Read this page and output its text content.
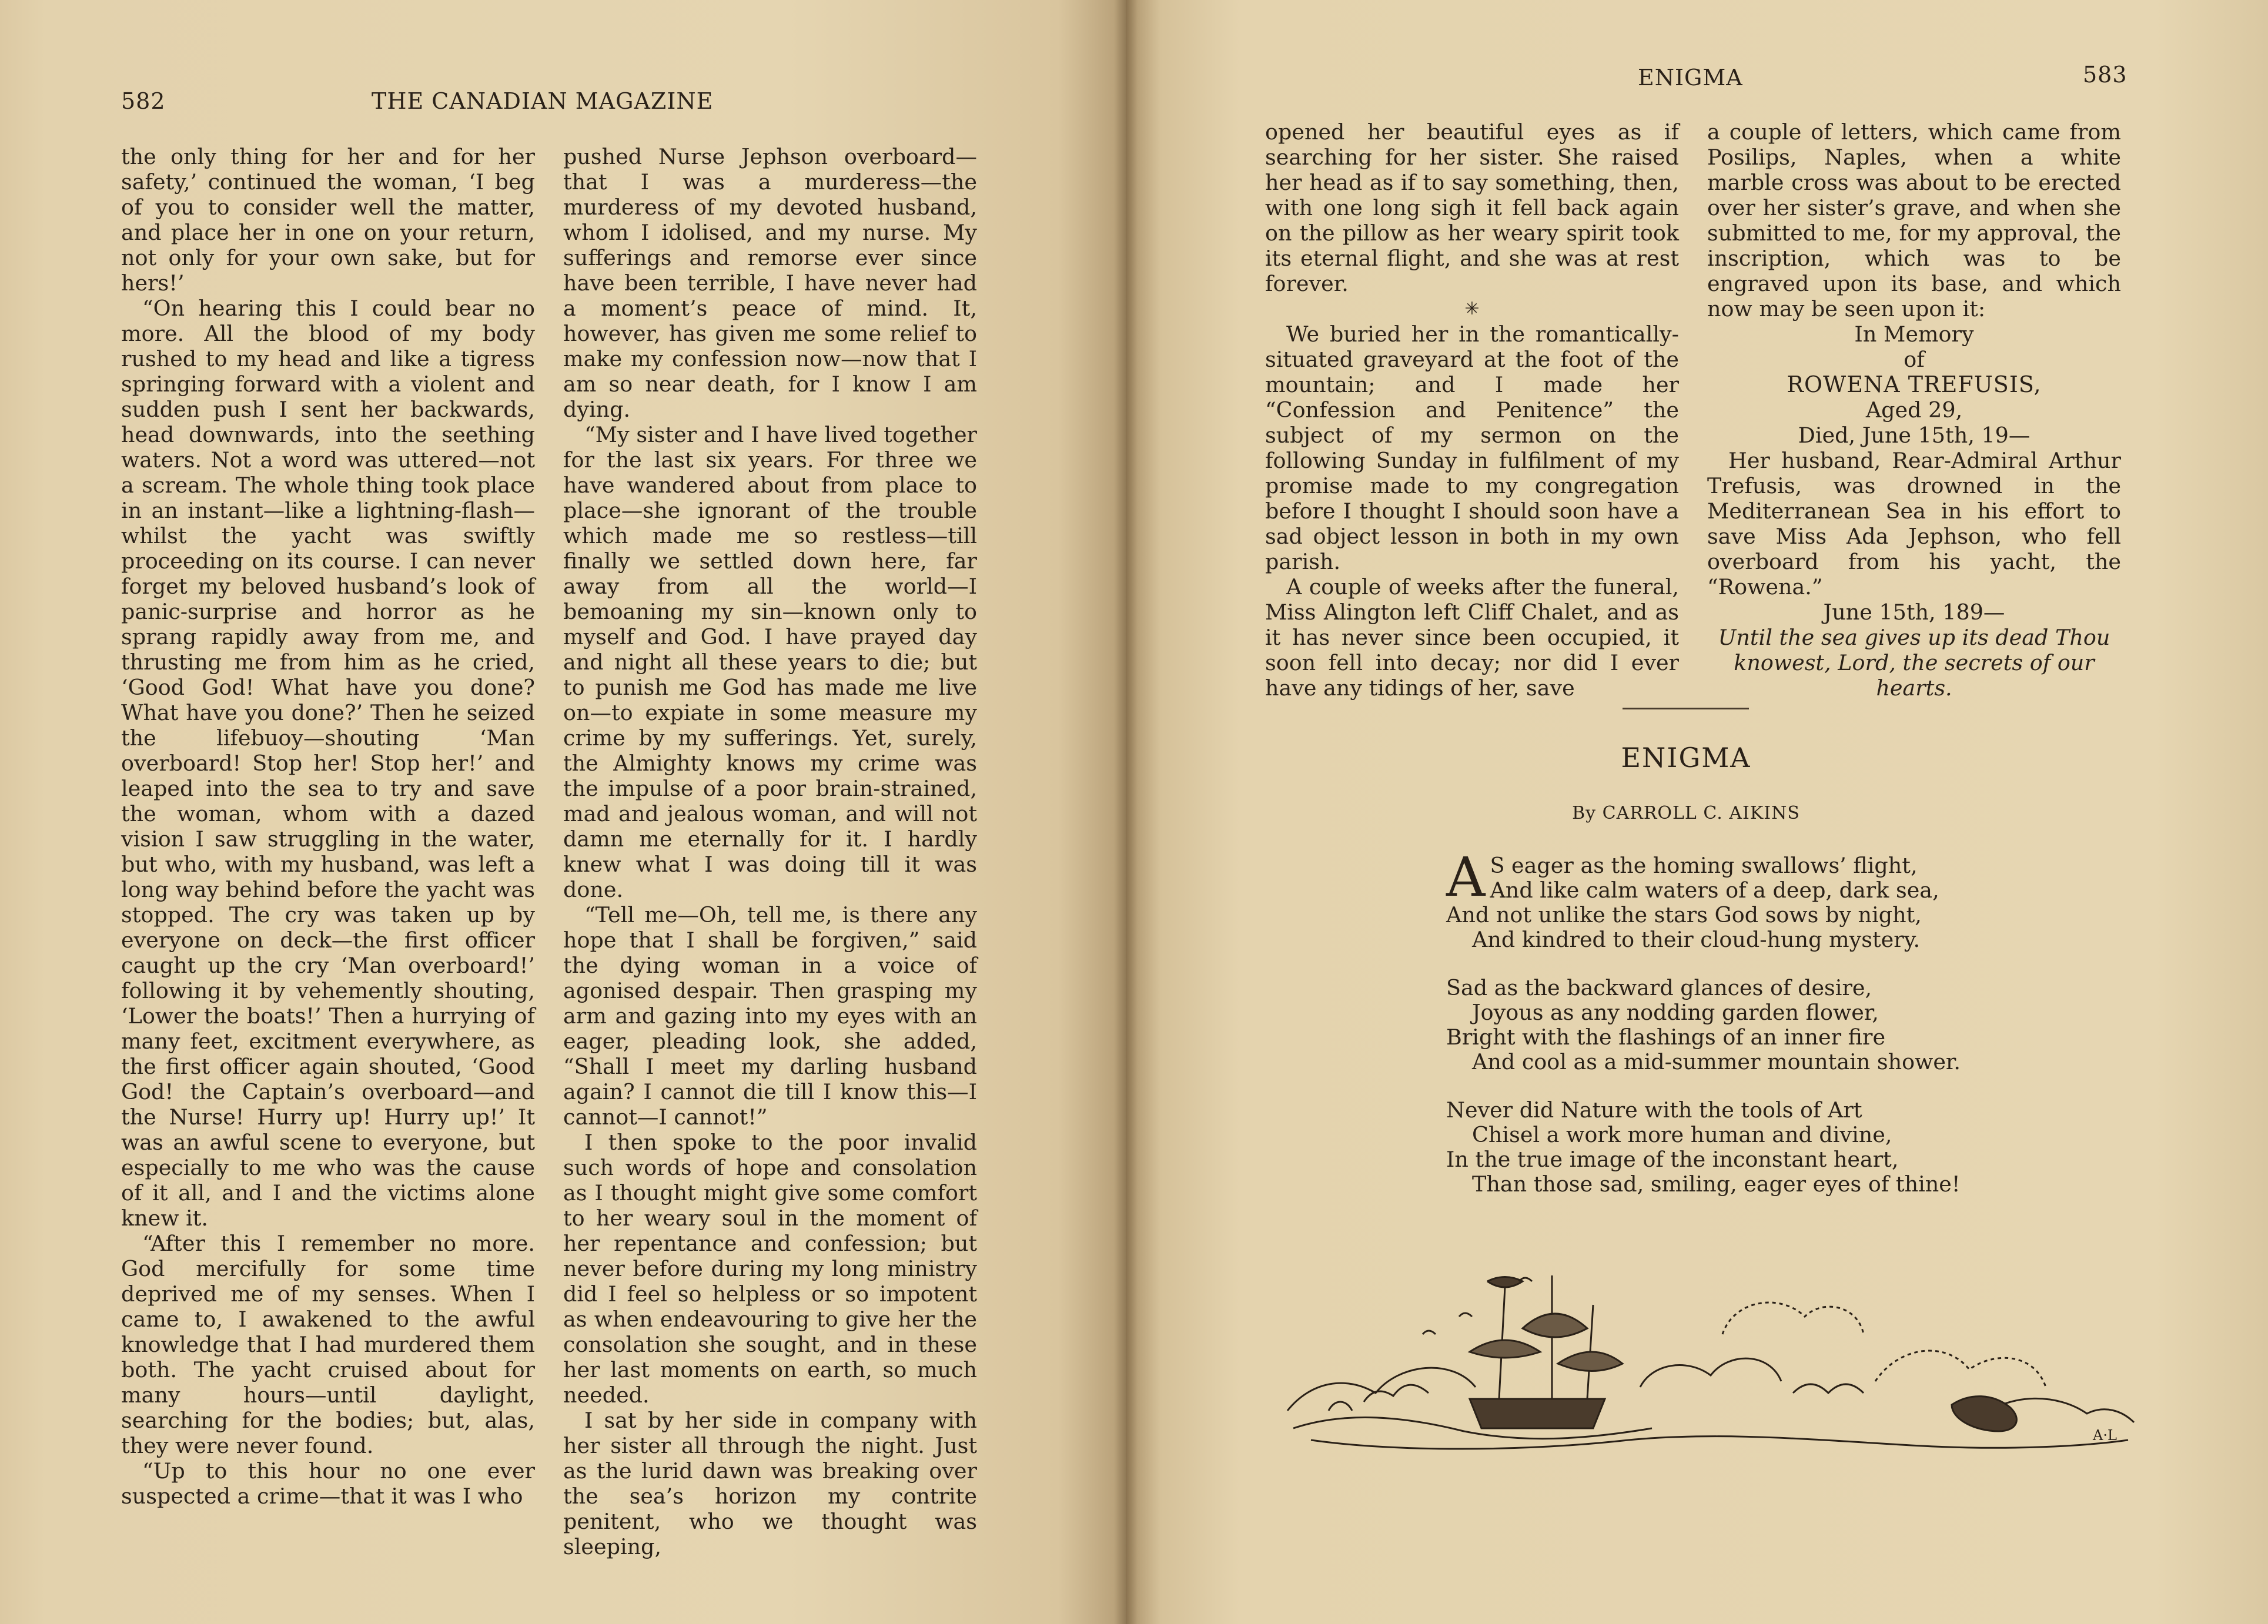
582	THE CANADIAN MAGAZINE

the only thing for her and for her safety,’ continued the woman, ‘I beg of you to consider well the matter, and place her in one on your return, not only for your own sake, but for hers!’

“On hearing this I could bear no more. All the blood of my body rushed to my head and like a tigress springing forward with a violent and sudden push I sent her backwards, head downwards, into the seething waters. Not a word was uttered—not a scream. The whole thing took place in an instant—like a lightning-flash—whilst the yacht was swiftly proceeding on its course. I can never forget my beloved husband’s look of panic-surprise and horror as he sprang rapidly away from me, and thrusting me from him as he cried, ‘Good God! What have you done? What have you done?’ Then he seized the lifebuoy—shouting ‘Man overboard! Stop her! Stop her!’ and leaped into the sea to try and save the woman, whom with a dazed vision I saw struggling in the water, but who, with my husband, was left a long way behind before the yacht was stopped. The cry was taken up by everyone on deck—the first officer caught up the cry ‘Man overboard!’ following it by vehemently shouting, ‘Lower the boats!’ Then a hurrying of many feet, excitment everywhere, as the first officer again shouted, ‘Good God! the Captain’s overboard—and the Nurse! Hurry up! Hurry up!’ It was an awful scene to everyone, but especially to me who was the cause of it all, and I and the victims alone knew it.

“After this I remember no more. God mercifully for some time deprived me of my senses. When I came to, I awakened to the awful knowledge that I had murdered them both. The yacht cruised about for many hours—until daylight, searching for the bodies; but, alas, they were never found.

“Up to this hour no one ever suspected a crime—that it was I who

pushed Nurse Jephson overboard—that I was a murderess—the murderess of my devoted husband, whom I idolised, and my nurse. My sufferings and remorse ever since have been terrible, I have never had a moment’s peace of mind. It, however, has given me some relief to make my confession now—now that I am so near death, for I know I am dying.

“My sister and I have lived together for the last six years. For three we have wandered about from place to place—she ignorant of the trouble which made me so restless—till finally we settled down here, far away from all the world—I bemoaning my sin—known only to myself and God. I have prayed day and night all these years to die; but to punish me God has made me live on—to expiate in some measure my crime by my sufferings. Yet, surely, the Almighty knows my crime was the impulse of a poor brain-strained, mad and jealous woman, and will not damn me eternally for it. I hardly knew what I was doing till it was done.

“Tell me—Oh, tell me, is there any hope that I shall be forgiven,” said the dying woman in a voice of agonised despair. Then grasping my arm and gazing into my eyes with an eager, pleading look, she added, “Shall I meet my darling husband again? I cannot die till I know this—I cannot—I cannot!”

I then spoke to the poor invalid such words of hope and consolation as I thought might give some comfort to her weary soul in the moment of her repentance and confession; but never before during my long ministry did I feel so helpless or so impotent as when endeavouring to give her the consolation she sought, and in these her last moments on earth, so much needed.

I sat by her side in company with her sister all through the night. Just as the lurid dawn was breaking over the sea’s horizon my contrite penitent, who we thought was sleeping,

ENIGMA	583

opened her beautiful eyes as if searching for her sister. She raised her head as if to say something, then, with one long sigh it fell back again on the pillow as her weary spirit took its eternal flight, and she was at rest forever.

✳

We buried her in the romantically-situated graveyard at the foot of the mountain; and I made her “Confession and Penitence” the subject of my sermon on the following Sunday in fulfilment of my promise made to my congregation before I thought I should soon have a sad object lesson in both in my own parish.

A couple of weeks after the funeral, Miss Alington left Cliff Chalet, and as it has never since been occupied, it soon fell into decay; nor did I ever have any tidings of her, save

a couple of letters, which came from Posilips, Naples, when a white marble cross was about to be erected over her sister’s grave, and when she submitted to me, for my approval, the inscription, which was to be engraved upon its base, and which now may be seen upon it:

In Memory
of
ROWENA TREFUSIS,
Aged 29,
Died, June 15th, 19—

Her husband, Rear-Admiral Arthur Trefusis, was drowned in the Mediterranean Sea in his effort to save Miss Ada Jephson, who fell overboard from his yacht, the “Rowena.”

June 15th, 189—

Until the sea gives up its dead Thou knowest, Lord, the secrets of our hearts.

ENIGMA
By CARROLL C. AIKINS
A S eager as the homing swallows’ flight,
And like calm waters of a deep, dark sea,
And not unlike the stars God sows by night,
And kindred to their cloud-hung mystery.
Sad as the backward glances of desire,
Joyous as any nodding garden flower,
Bright with the flashings of an inner fire
And cool as a mid-summer mountain shower.
Never did Nature with the tools of Art
Chisel a work more human and divine,
In the true image of the inconstant heart,
Than those sad, smiling, eager eyes of thine!
A·L
